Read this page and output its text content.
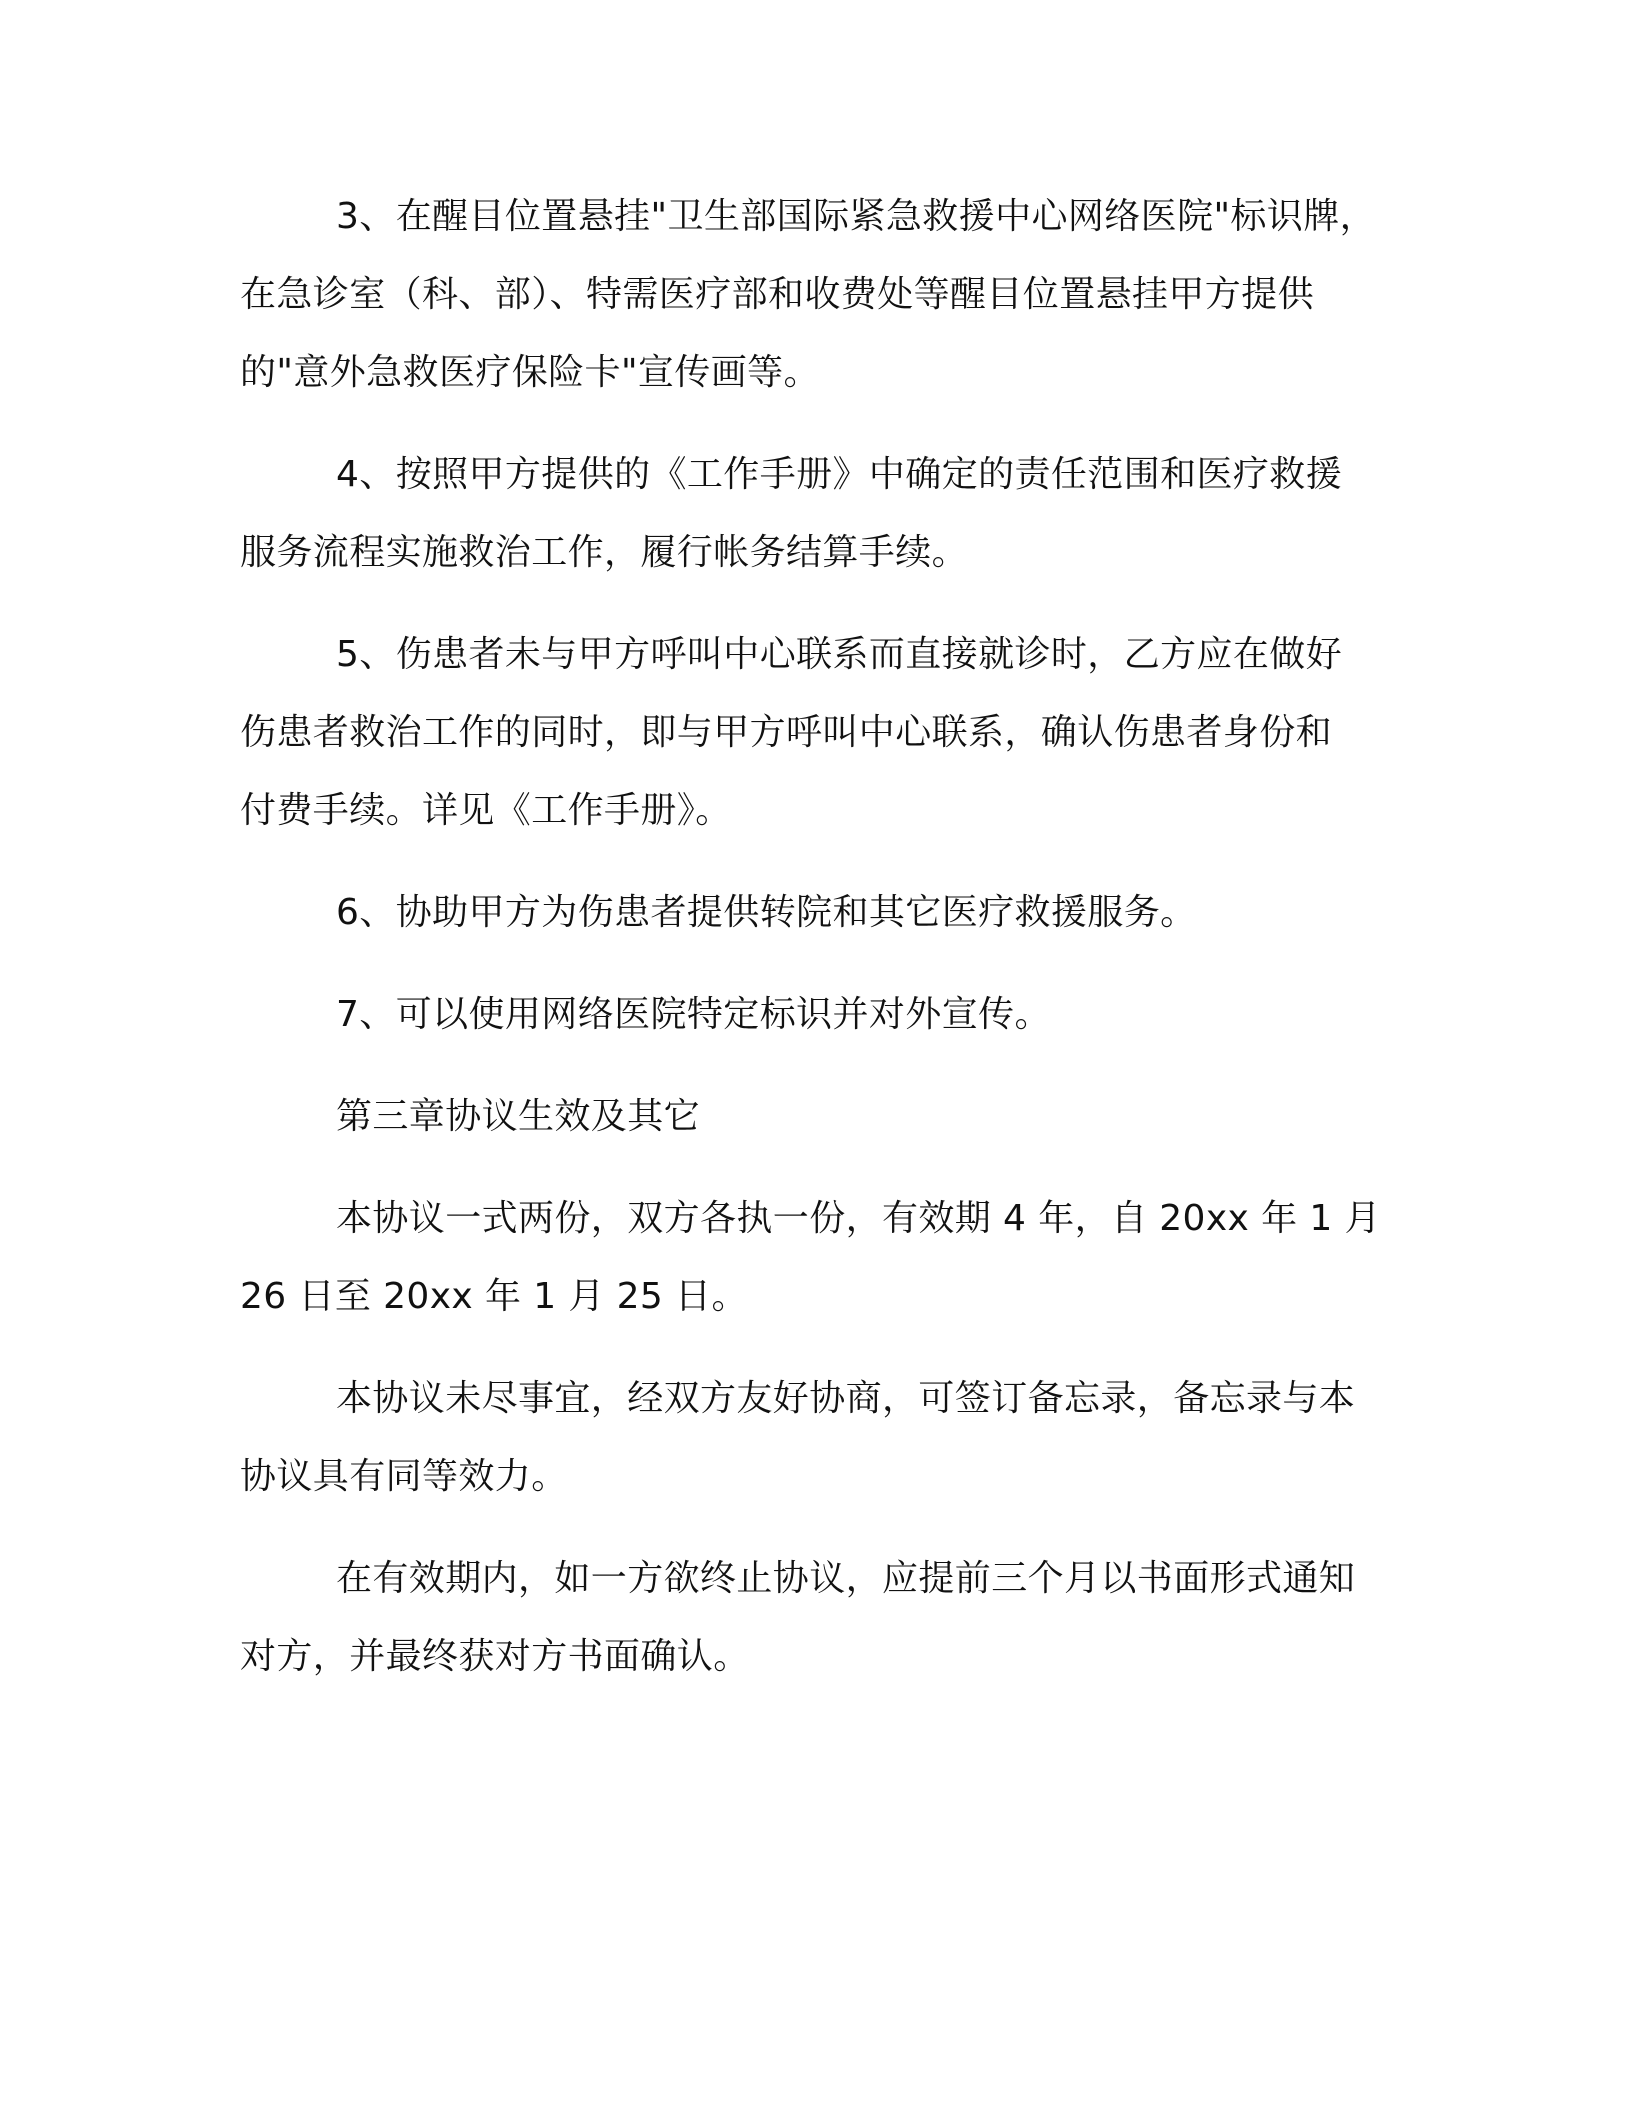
3、在醒目位置悬挂"卫生部国际紧急救援中心网络医院"标识牌，
在急诊室（科、部）、特需医疗部和收费处等醒目位置悬挂甲方提供
的"意外急救医疗保险卡"宣传画等。

4、按照甲方提供的《工作手册》中确定的责任范围和医疗救援
服务流程实施救治工作，履行帐务结算手续。

5、伤患者未与甲方呼叫中心联系而直接就诊时，乙方应在做好
伤患者救治工作的同时，即与甲方呼叫中心联系，确认伤患者身份和
付费手续。详见《工作手册》。

6、协助甲方为伤患者提供转院和其它医疗救援服务。

7、可以使用网络医院特定标识并对外宣传。

第三章协议生效及其它

本协议一式两份，双方各执一份，有效期 4 年，自 20xx 年 1 月
26 日至 20xx 年 1 月 25 日。

本协议未尽事宜，经双方友好协商，可签订备忘录，备忘录与本
协议具有同等效力。

在有效期内，如一方欲终止协议，应提前三个月以书面形式通知
对方，并最终获对方书面确认。
